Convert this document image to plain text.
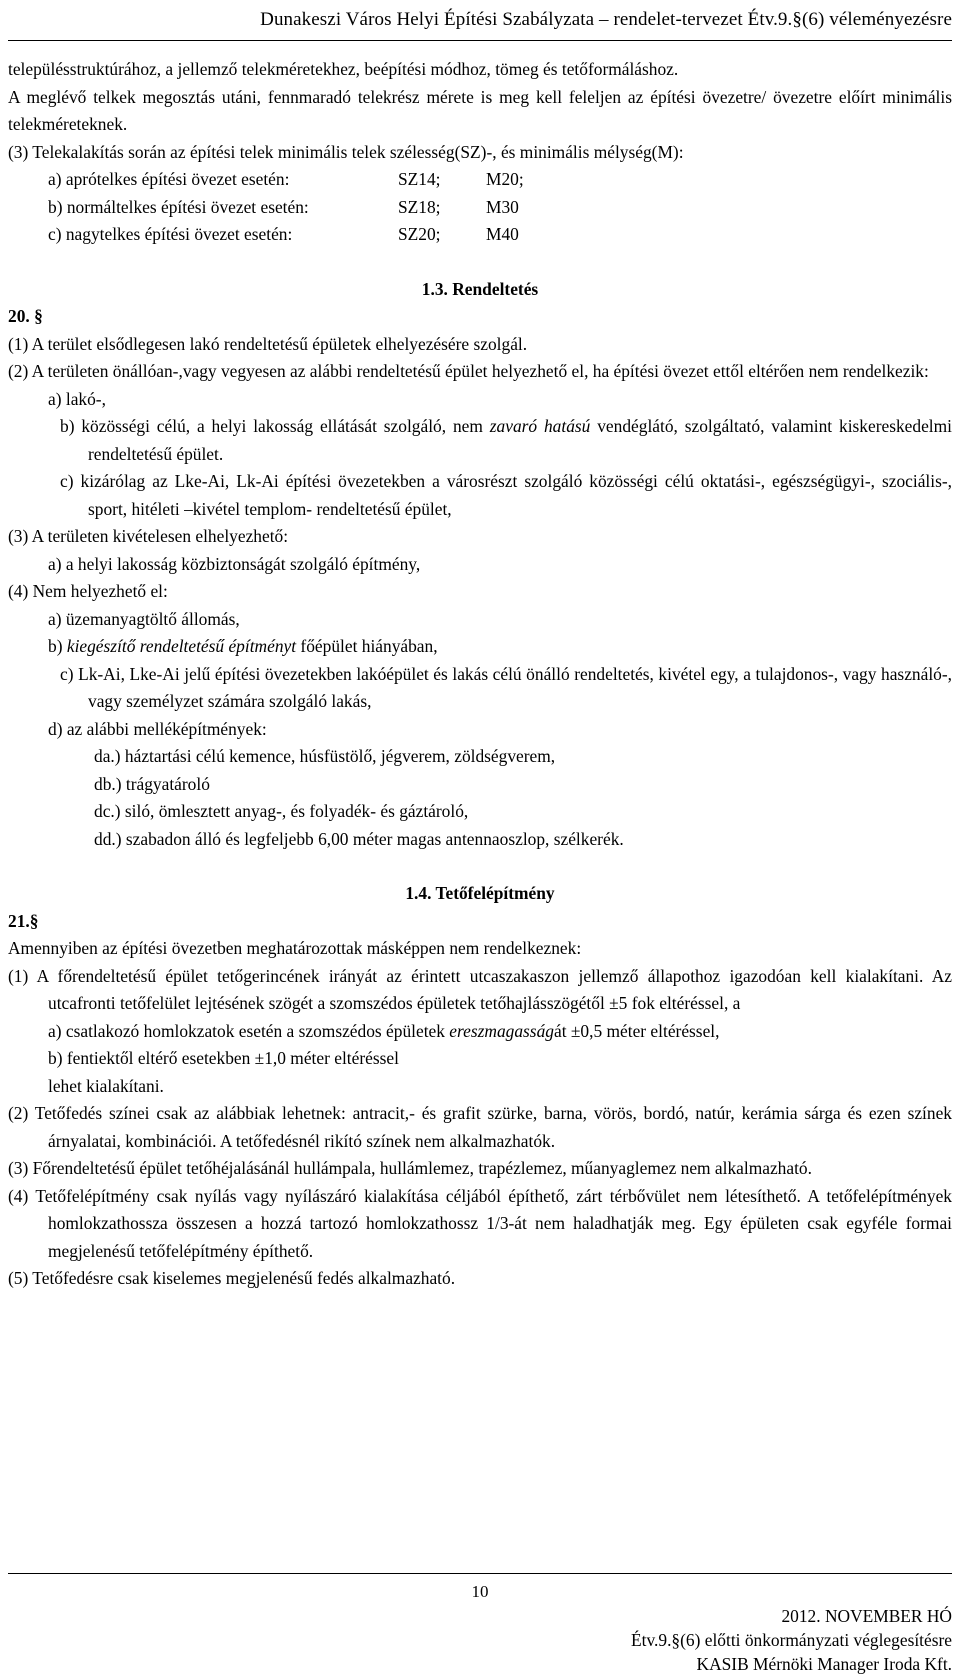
Dunakeszi Város Helyi Építési Szabályzata – rendelet-tervezet Étv.9.§(6) véleményezésre

településstruktúrához, a jellemző telekméretekhez, beépítési módhoz, tömeg és tetőformáláshoz.

A meglévő telkek megosztás utáni, fennmaradó telekrész mérete is meg kell feleljen az építési övezetre/ övezetre előírt minimális telekméreteknek.

(3) Telekalakítás során az építési telek minimális telek szélesség(SZ)-, és minimális mélység(M):

a) aprótelkes építési övezet esetén:	SZ14;	M20;
b) normáltelkes építési övezet esetén:	SZ18;	M30
c) nagytelkes építési övezet esetén:	SZ20;	M40

1.3. Rendeltetés

20. §

(1) A terület elsődlegesen lakó rendeltetésű épületek elhelyezésére szolgál.

(2) A területen önállóan-,vagy vegyesen az alábbi rendeltetésű épület helyezhető el, ha építési övezet ettől eltérően nem rendelkezik:

a) lakó-,

b) közösségi célú, a helyi lakosság ellátását szolgáló, nem zavaró hatású vendéglátó, szolgáltató, valamint kiskereskedelmi rendeltetésű épület.

c) kizárólag az Lke-Ai, Lk-Ai építési övezetekben a városrészt szolgáló közösségi célú oktatási-, egészségügyi-, szociális-, sport, hitéleti –kivétel templom- rendeltetésű épület,

(3) A területen kivételesen elhelyezhető:

a) a helyi lakosság közbiztonságát szolgáló építmény,

(4) Nem helyezhető el:

a) üzemanyagtöltő állomás,

b) kiegészítő rendeltetésű építményt főépület hiányában,

c) Lk-Ai, Lke-Ai jelű építési övezetekben lakóépület és lakás célú önálló rendeltetés, kivétel egy, a tulajdonos-, vagy használó-, vagy személyzet számára szolgáló lakás,

d) az alábbi melléképítmények:

da.) háztartási célú kemence, húsfüstölő, jégverem, zöldségverem,

db.) trágyatároló

dc.) siló, ömlesztett anyag-, és folyadék- és gáztároló,

dd.) szabadon álló és legfeljebb 6,00 méter magas antennaoszlop, szélkerék.

1.4. Tetőfelépítmény

21.§

Amennyiben az építési övezetben meghatározottak másképpen nem rendelkeznek:

(1) A főrendeltetésű épület tetőgerincének irányát az érintett utcaszakaszon jellemző állapothoz igazodóan kell kialakítani. Az utcafronti tetőfelület lejtésének szögét a szomszédos épületek tetőhajlásszögétől ±5 fok eltéréssel, a

a) csatlakozó homlokzatok esetén a szomszédos épületek ereszmagasságát ±0,5 méter eltéréssel,

b) fentiektől eltérő esetekben ±1,0 méter eltéréssel

lehet kialakítani.

(2) Tetőfedés színei csak az alábbiak lehetnek: antracit,- és grafit szürke, barna, vörös, bordó, natúr, kerámia sárga és ezen színek árnyalatai, kombinációi. A tetőfedésnél rikító színek nem alkalmazhatók.

(3) Főrendeltetésű épület tetőhéjalásánál hullámpala, hullámlemez, trapézlemez, műanyaglemez nem alkalmazható.

(4) Tetőfelépítmény csak nyílás vagy nyílászáró kialakítása céljából építhető, zárt térbővület nem létesíthető. A tetőfelépítmények homlokzathossza összesen a hozzá tartozó homlokzathossz 1/3-át nem haladhatják meg. Egy épületen csak egyféle formai megjelenésű tetőfelépítmény építhető.

(5) Tetőfedésre csak kiselemes megjelenésű fedés alkalmazható.

10
2012. NOVEMBER HÓ
Étv.9.§(6) előtti önkormányzati véglegesítésre
KASIB Mérnöki Manager Iroda Kft.
